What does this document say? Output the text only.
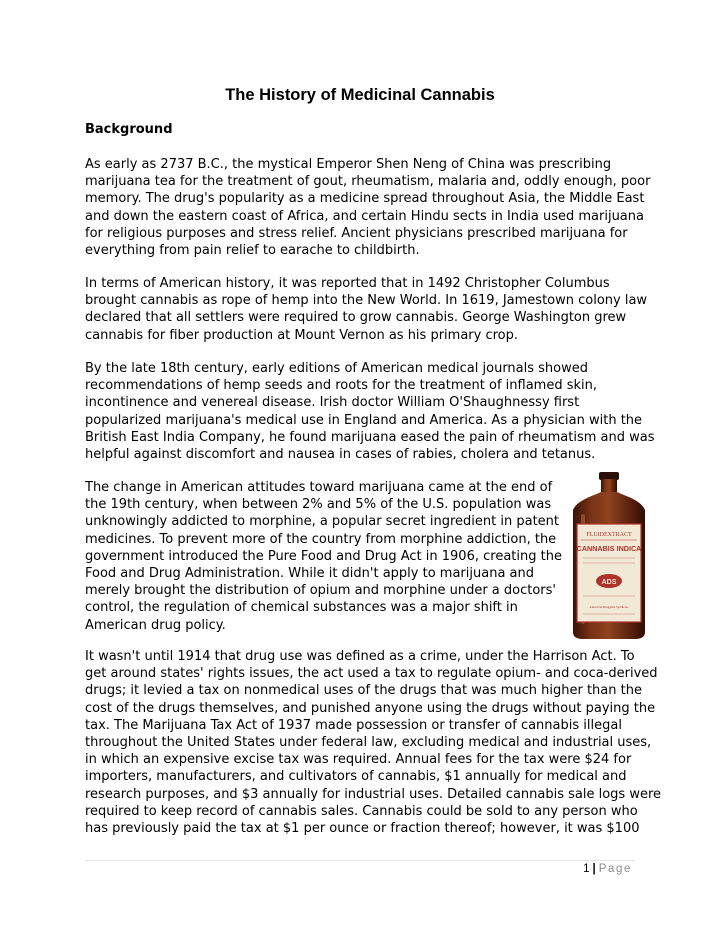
The History of Medicinal Cannabis
Background

As early as 2737 B.C., the mystical Emperor Shen Neng of China was prescribing
marijuana tea for the treatment of gout, rheumatism, malaria and, oddly enough, poor
memory. The drug's popularity as a medicine spread throughout Asia, the Middle East
and down the eastern coast of Africa, and certain Hindu sects in India used marijuana
for religious purposes and stress relief. Ancient physicians prescribed marijuana for
everything from pain relief to earache to childbirth.

In terms of American history, it was reported that in 1492 Christopher Columbus
brought cannabis as rope of hemp into the New World. In 1619, Jamestown colony law
declared that all settlers were required to grow cannabis. George Washington grew
cannabis for fiber production at Mount Vernon as his primary crop.

By the late 18th century, early editions of American medical journals showed
recommendations of hemp seeds and roots for the treatment of inflamed skin,
incontinence and venereal disease. Irish doctor William O'Shaughnessy first
popularized marijuana's medical use in England and America. As a physician with the
British East India Company, he found marijuana eased the pain of rheumatism and was
helpful against discomfort and nausea in cases of rabies, cholera and tetanus.

The change in American attitudes toward marijuana came at the end of
the 19th century, when between 2% and 5% of the U.S. population was
unknowingly addicted to morphine, a popular secret ingredient in patent
medicines. To prevent more of the country from morphine addiction, the
government introduced the Pure Food and Drug Act in 1906, creating the
Food and Drug Administration. While it didn't apply to marijuana and
merely brought the distribution of opium and morphine under a doctors'
control, the regulation of chemical substances was a major shift in
American drug policy.

FLUIDEXTRACT
CANNABIS INDICA
ADS
American Druggists Syndicate

It wasn't until 1914 that drug use was defined as a crime, under the Harrison Act. To
get around states' rights issues, the act used a tax to regulate opium- and coca-derived
drugs; it levied a tax on nonmedical uses of the drugs that was much higher than the
cost of the drugs themselves, and punished anyone using the drugs without paying the
tax. The Marijuana Tax Act of 1937 made possession or transfer of cannabis illegal
throughout the United States under federal law, excluding medical and industrial uses,
in which an expensive excise tax was required. Annual fees for the tax were $24 for
importers, manufacturers, and cultivators of cannabis, $1 annually for medical and
research purposes, and $3 annually for industrial uses. Detailed cannabis sale logs were
required to keep record of cannabis sales. Cannabis could be sold to any person who
has previously paid the tax at $1 per ounce or fraction thereof; however, it was $100

1 | Page
